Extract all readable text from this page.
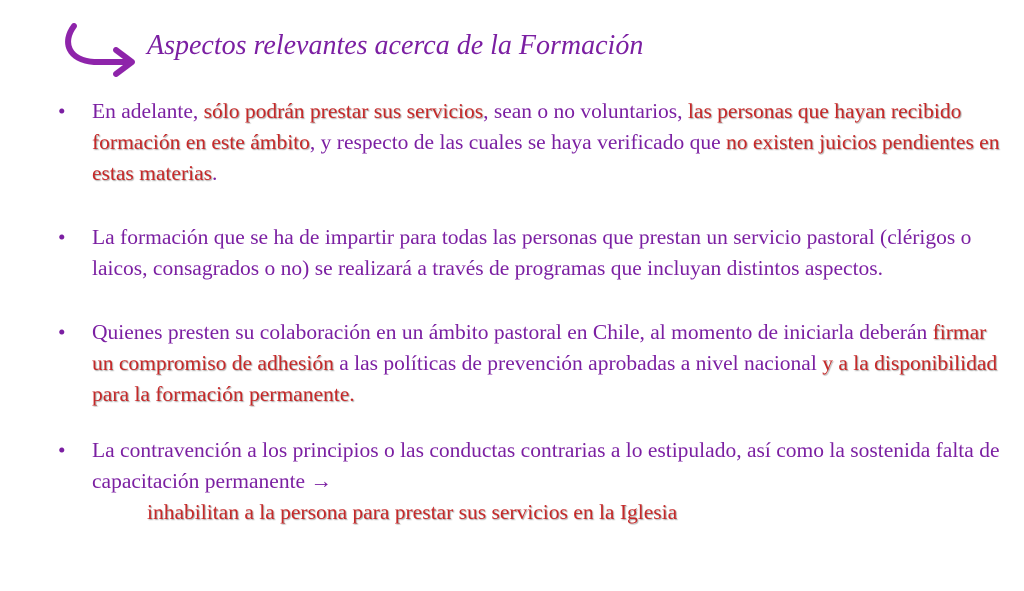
Aspectos relevantes acerca de la Formación
• En adelante, sólo podrán prestar sus servicios, sean o no voluntarios, las personas que hayan recibido formación en este ámbito, y respecto de las cuales se haya verificado que no existen juicios pendientes en estas materias.
• La formación que se ha de impartir para todas las personas que prestan un servicio pastoral (clérigos o laicos, consagrados o no) se realizará a través de programas que incluyan distintos aspectos.
• Quienes presten su colaboración en un ámbito pastoral en Chile, al momento de iniciarla deberán firmar un compromiso de adhesión a las políticas de prevención aprobadas a nivel nacional y a la disponibilidad para la formación permanente.
• La contravención a los principios o las conductas contrarias a lo estipulado, así como la sostenida falta de capacitación permanente →
inhabilitan a la persona para prestar sus servicios en la Iglesia
